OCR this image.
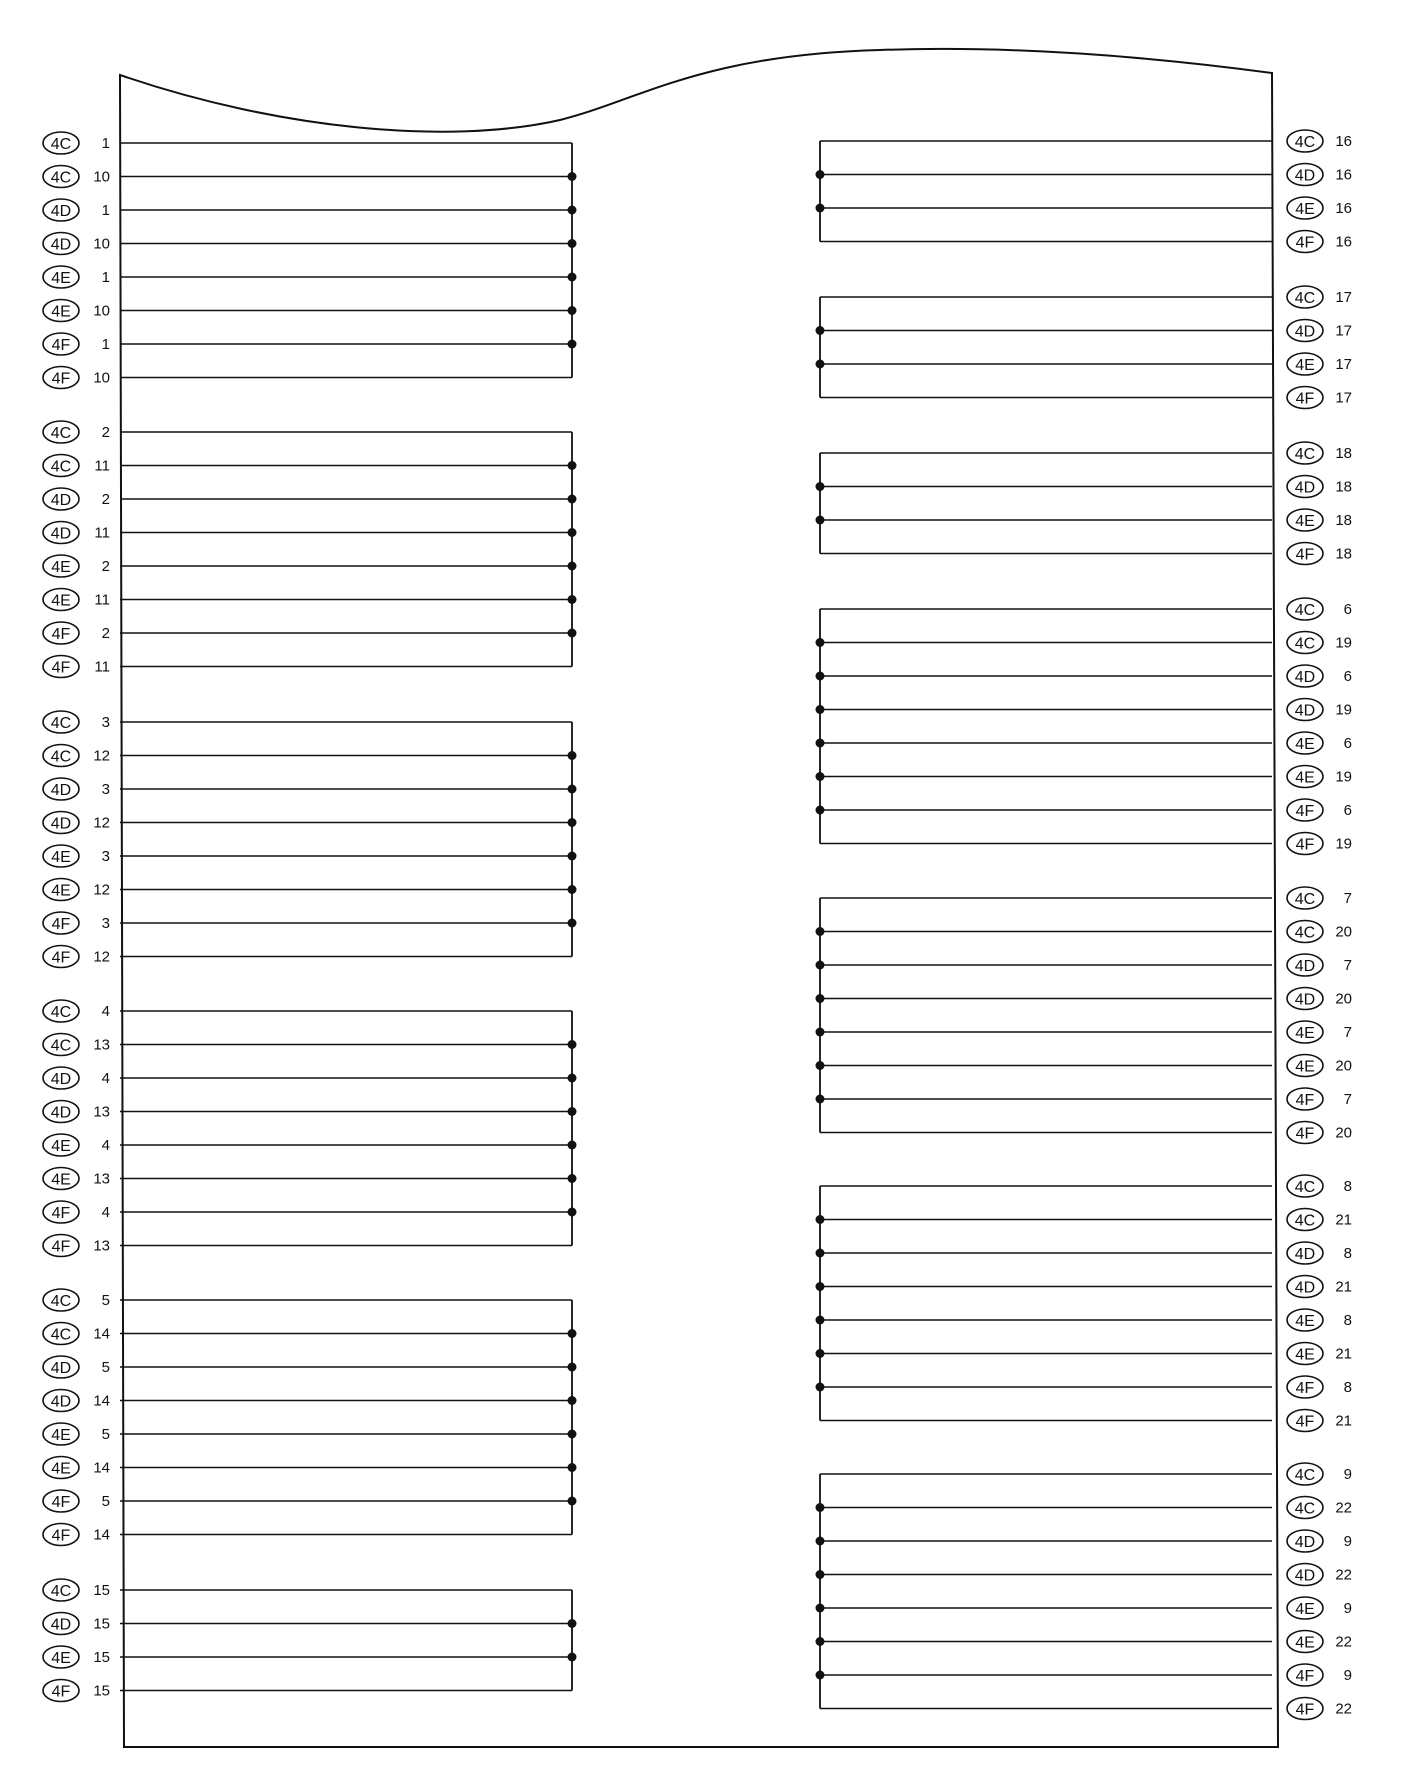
4C 1
4C 10
4D 1
4D 10
4E 1
4E 10
4F 1
4F 10
4C 2
4C 11
4D 2
4D 11
4E 2
4E 11
4F 2
4F 11
4C 3
4C 12
4D 3
4D 12
4E 3
4E 12
4F 3
4F 12
4C 4
4C 13
4D 4
4D 13
4E 4
4E 13
4F 4
4F 13
4C 5
4C 14
4D 5
4D 14
4E 5
4E 14
4F 5
4F 14
4C 15
4D 15
4E 15
4F 15
4C 16
4D 16
4E 16
4F 16
4C 17
4D 17
4E 17
4F 17
4C 18
4D 18
4E 18
4F 18
4C 6
4C 19
4D 6
4D 19
4E 6
4E 19
4F 6
4F 19
4C 7
4C 20
4D 7
4D 20
4E 7
4E 20
4F 7
4F 20
4C 8
4C 21
4D 8
4D 21
4E 8
4E 21
4F 8
4F 21
4C 9
4C 22
4D 9
4D 22
4E 9
4E 22
4F 9
4F 22
